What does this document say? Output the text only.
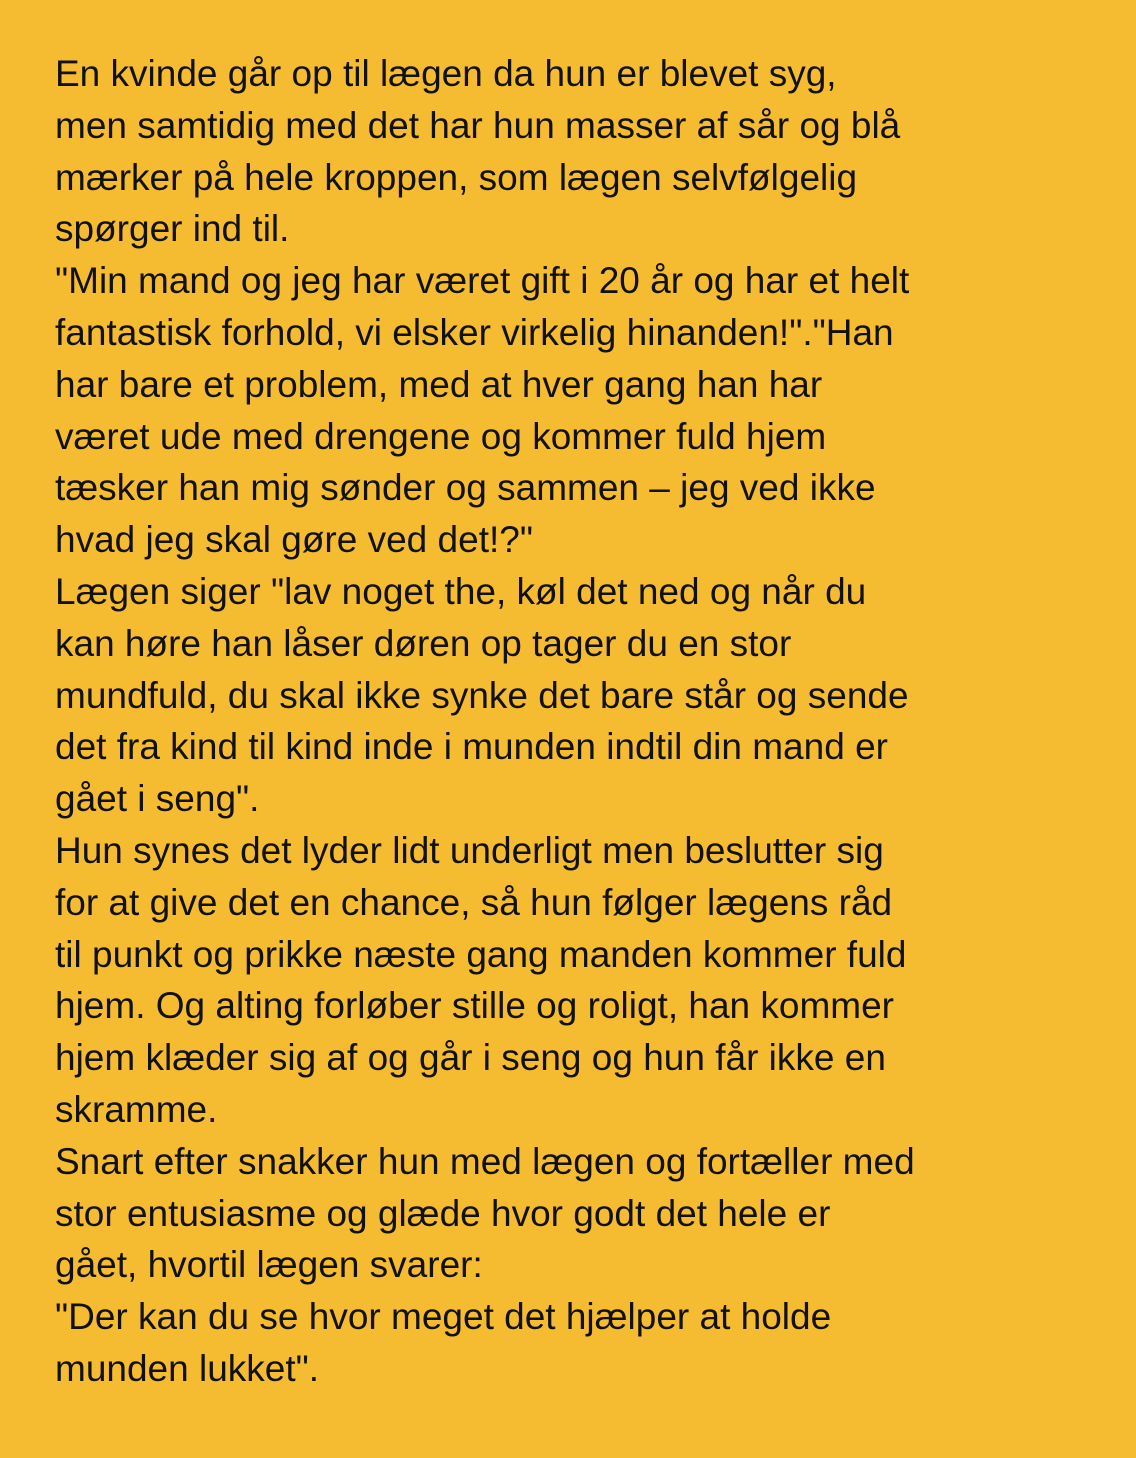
En kvinde går op til lægen da hun er blevet syg,
men samtidig med det har hun masser af sår og blå
mærker på hele kroppen, som lægen selvfølgelig
spørger ind til.
"Min mand og jeg har været gift i 20 år og har et helt
fantastisk forhold, vi elsker virkelig hinanden!"."Han
har bare et problem, med at hver gang han har
været ude med drengene og kommer fuld hjem
tæsker han mig sønder og sammen – jeg ved ikke
hvad jeg skal gøre ved det!?"
Lægen siger "lav noget the, køl det ned og når du
kan høre han låser døren op tager du en stor
mundfuld, du skal ikke synke det bare står og sende
det fra kind til kind inde i munden indtil din mand er
gået i seng".
Hun synes det lyder lidt underligt men beslutter sig
for at give det en chance, så hun følger lægens råd
til punkt og prikke næste gang manden kommer fuld
hjem. Og alting forløber stille og roligt, han kommer
hjem klæder sig af og går i seng og hun får ikke en
skramme.
Snart efter snakker hun med lægen og fortæller med
stor entusiasme og glæde hvor godt det hele er
gået, hvortil lægen svarer:
"Der kan du se hvor meget det hjælper at holde
munden lukket".
